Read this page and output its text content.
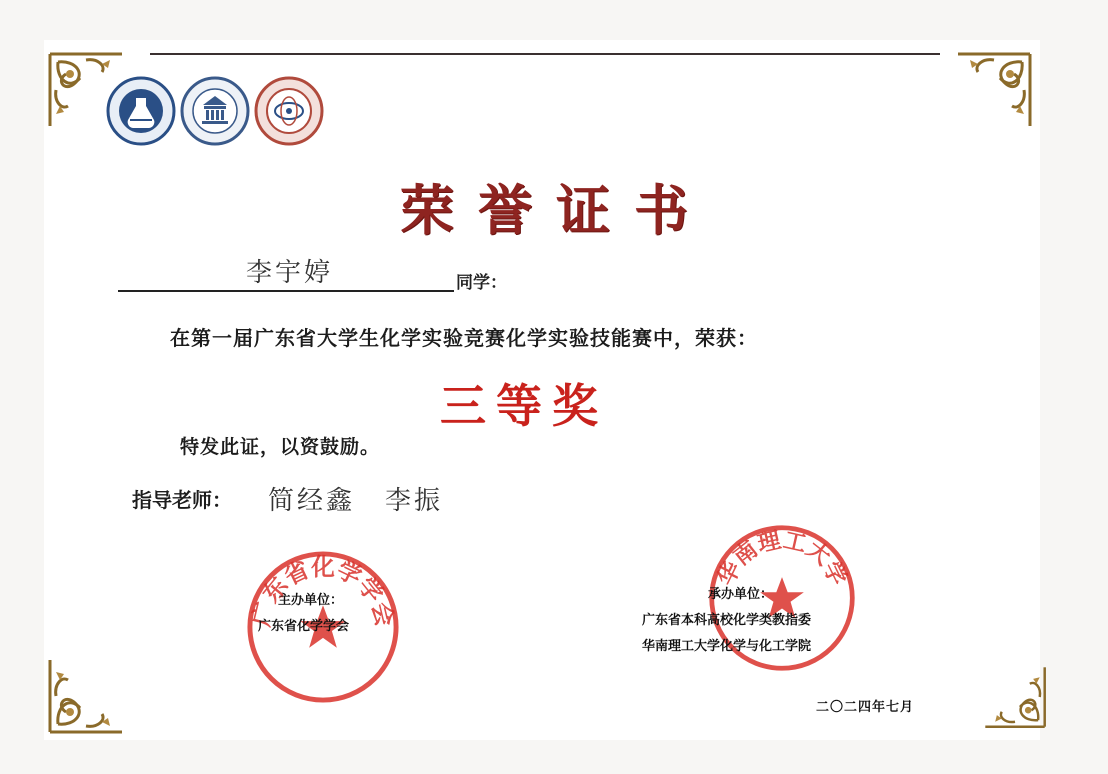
荣誉证书
李宇婷	同学：
在第一届广东省大学生化学实验竞赛化学实验技能赛中，荣获：
三等奖
特发此证，以资鼓励。
指导老师： 简经鑫 李振
广东省化学学会
华南理工大学
主办单位：
广东省化学学会
承办单位：
广东省本科高校化学类教指委
华南理工大学化学与化工学院
二〇二四年七月
